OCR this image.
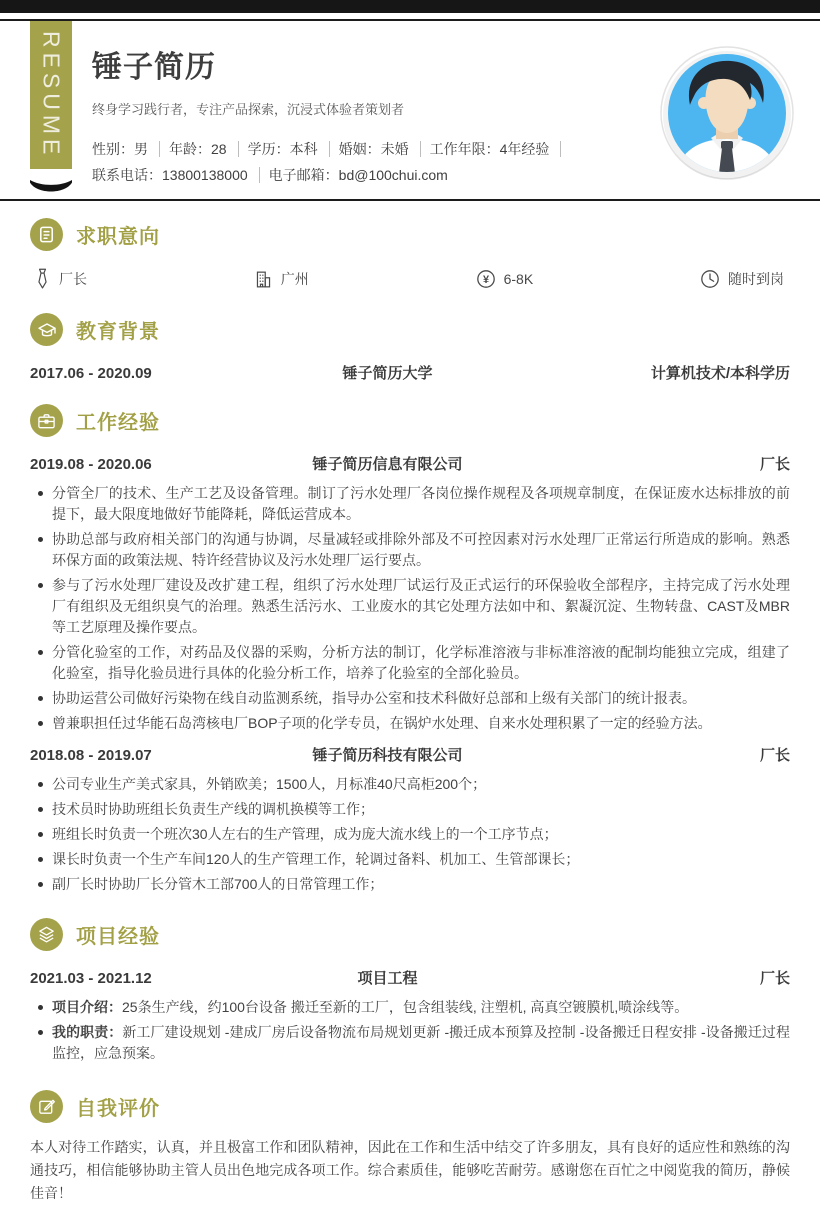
RESUME 锤子简历
终身学习践行者，专注产品探索，沉浸式体验者策划者
性别：男 年龄：28 学历：本科 婚姻：未婚 工作年限：4年经验
联系电话：13800138000 电子邮箱：bd@100chui.com
求职意向
厂长	广州	¥ 6-8K	随时到岗
教育背景
2017.06 - 2020.09	锤子简历大学	计算机技术/本科学历
工作经验
2019.08 - 2020.06	锤子简历信息有限公司	厂长
分管全厂的技术、生产工艺及设备管理。制订了污水处理厂各岗位操作规程及各项规章制度，在保证废水达标排放的前提下，最大限度地做好节能降耗，降低运营成本。
协助总部与政府相关部门的沟通与协调，尽量减轻或排除外部及不可控因素对污水处理厂正常运行所造成的影响。熟悉环保方面的政策法规、特许经营协议及污水处理厂运行要点。
参与了污水处理厂建设及改扩建工程，组织了污水处理厂试运行及正式运行的环保验收全部程序，主持完成了污水处理厂有组织及无组织臭气的治理。熟悉生活污水、工业废水的其它处理方法如中和、絮凝沉淀、生物转盘、CAST及MBR等工艺原理及操作要点。
分管化验室的工作，对药品及仪器的采购，分析方法的制订，化学标准溶液与非标准溶液的配制均能独立完成，组建了化验室，指导化验员进行具体的化验分析工作，培养了化验室的全部化验员。
协助运营公司做好污染物在线自动监测系统，指导办公室和技术科做好总部和上级有关部门的统计报表。
曾兼职担任过华能石岛湾核电厂BOP子项的化学专员，在锅炉水处理、自来水处理积累了一定的经验方法。
2018.08 - 2019.07	锤子简历科技有限公司	厂长
公司专业生产美式家具，外销欧美；1500人，月标准40尺高柜200个；
技术员时协助班组长负责生产线的调机换模等工作；
班组长时负责一个班次30人左右的生产管理，成为庞大流水线上的一个工序节点；
课长时负责一个生产车间120人的生产管理工作，轮调过备料、机加工、生管部课长；
副厂长时协助厂长分管木工部700人的日常管理工作；
项目经验
2021.03 - 2021.12	项目工程	厂长
项目介绍：25条生产线，约100台设备 搬迁至新的工厂，包含组装线, 注塑机, 高真空镀膜机,喷涂线等。
我的职责：新工厂建设规划 -建成厂房后设备物流布局规划更新 -搬迁成本预算及控制 -设备搬迁日程安排 -设备搬迁过程监控，应急预案。
自我评价
本人对待工作踏实，认真，并且极富工作和团队精神，因此在工作和生活中结交了许多朋友，具有良好的适应性和熟练的沟通技巧，相信能够协助主管人员出色地完成各项工作。综合素质佳，能够吃苦耐劳。感谢您在百忙之中阅览我的简历，静候佳音！
